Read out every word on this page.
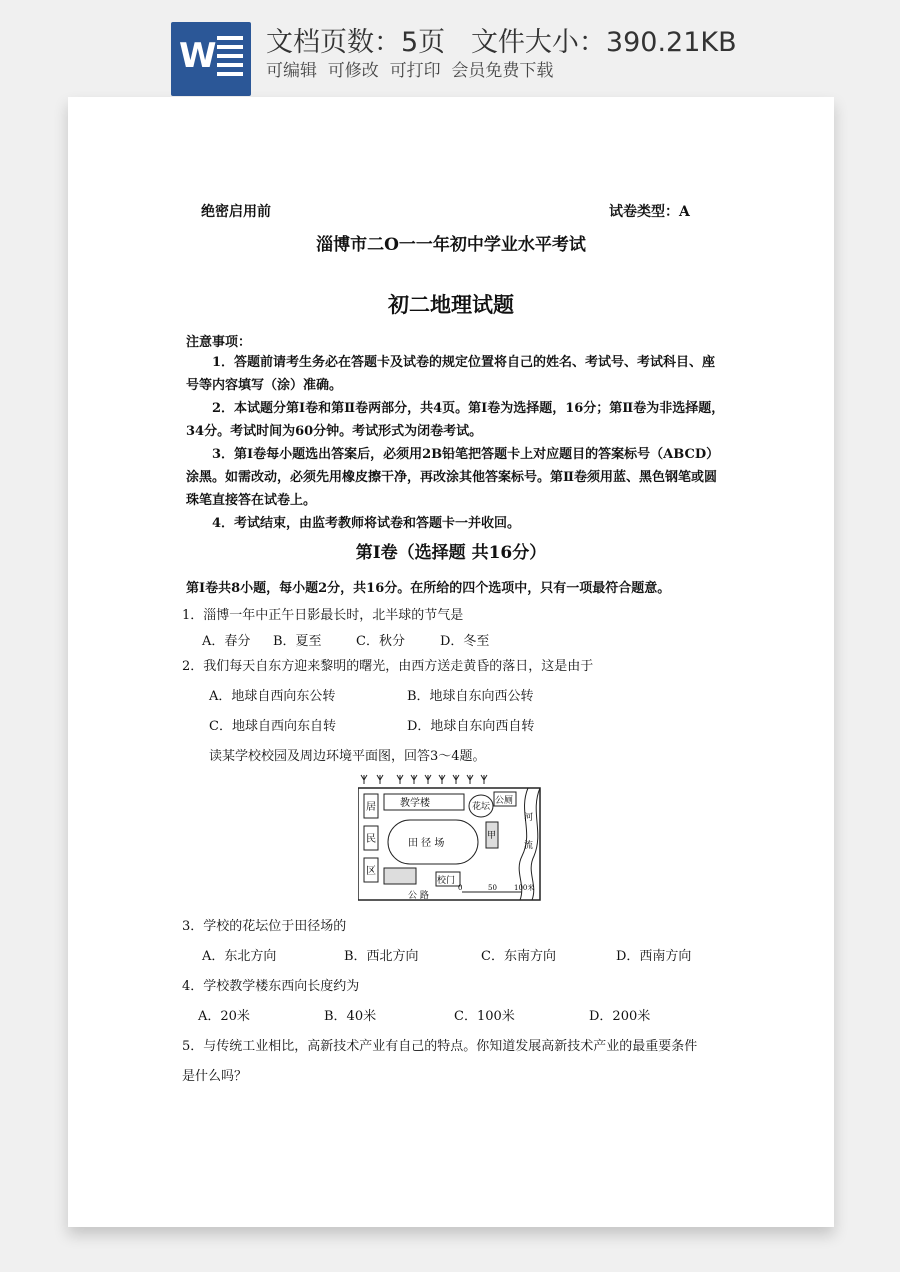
W 文档页数：5页 文件大小：390.21KB
可编辑  可修改  可打印  会员免费下载
绝密启用前	试卷类型：A
淄博市二O一一年初中学业水平考试
初二地理试题
注意事项：
1．答题前请考生务必在答题卡及试卷的规定位置将自己的姓名、考试号、考试科目、座号等内容填写（涂）准确。
2．本试题分第Ⅰ卷和第Ⅱ卷两部分，共4页。第Ⅰ卷为选择题，16分；第Ⅱ卷为非选择题，34分。考试时间为60分钟。考试形式为闭卷考试。
3．第Ⅰ卷每小题选出答案后，必须用2B铅笔把答题卡上对应题目的答案标号（ABCD）涂黑。如需改动，必须先用橡皮擦干净，再改涂其他答案标号。第Ⅱ卷须用蓝、黑色钢笔或圆珠笔直接答在试卷上。
4．考试结束，由监考教师将试卷和答题卡一并收回。
第Ⅰ卷（选择题 共16分）
第Ⅰ卷共8小题，每小题2分，共16分。在所给的四个选项中，只有一项最符合题意。
1．淄博一年中正午日影最长时，北半球的节气是
A．春分 B．夏至	C．秋分	D．冬至
2．我们每天自东方迎来黎明的曙光，由西方送走黄昏的落日，这是由于
A．地球自西向东公转	B．地球自东向西公转
C．地球自西向东自转	D．地球自东向西自转
读某学校校园及周边环境平面图，回答3～4题。
居
民
区
教学楼	花坛
公厕
甲
田 径 场
校门
河
流
公 路
0	50 100米
3．学校的花坛位于田径场的
A．东北方向	B．西北方向	C．东南方向	D．西南方向
4．学校教学楼东西向长度约为
A．20米	B．40米	C．100米	D．200米
5．与传统工业相比，高新技术产业有自己的特点。你知道发展高新技术产业的最重要条件
是什么吗？
